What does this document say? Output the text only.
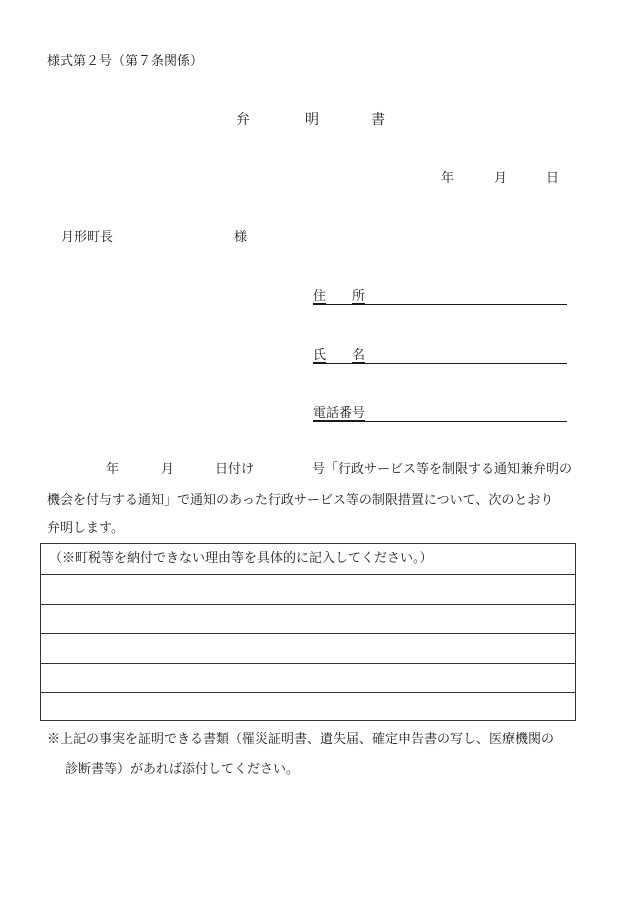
様式第２号（第７条関係）
弁	明	書
年	月	日
月形町長	様
住 所
氏 名
電話番号
年	月	日付け	号「行政サービス等を制限する通知兼弁明の
機会を付与する通知」で通知のあった行政サービス等の制限措置について、次のとおり
弁明します。
（※町税等を納付できない理由等を具体的に記入してください。）
※上記の事実を証明できる書類（罹災証明書、遺失届、確定申告書の写し、医療機関の
診断書等）があれば添付してください。
